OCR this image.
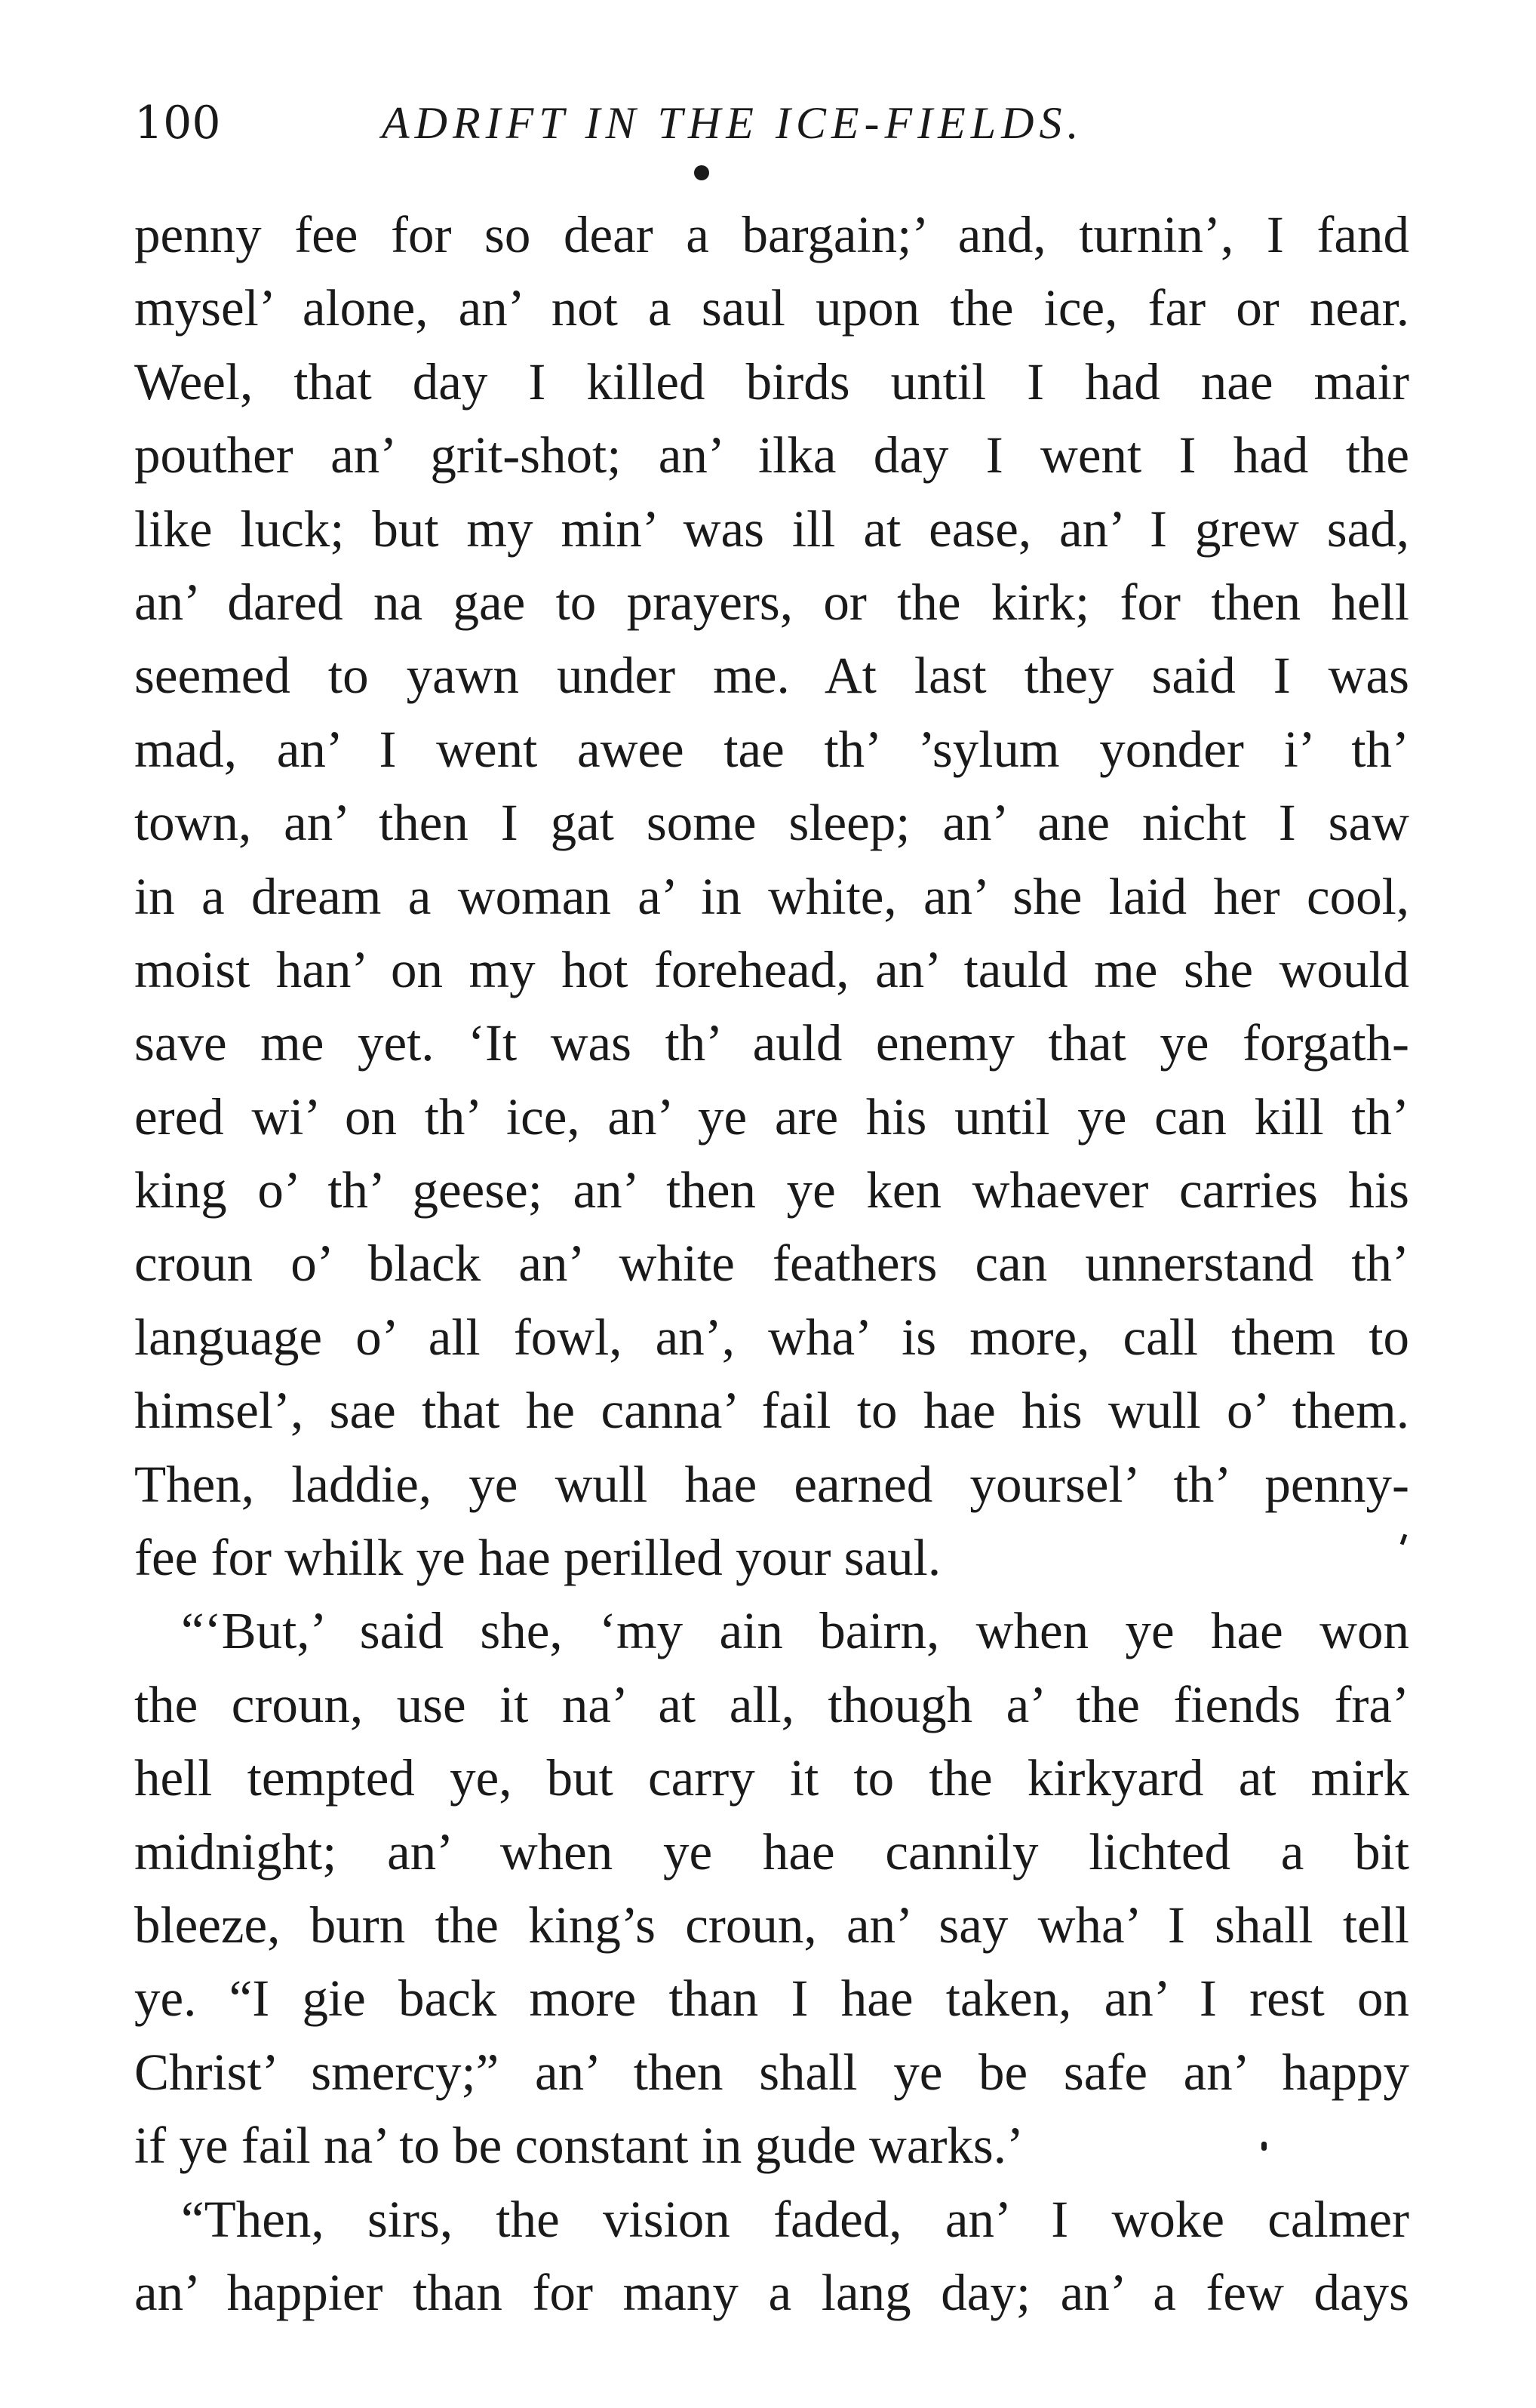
100	ADRIFT IN THE ICE-FIELDS.
penny fee for so dear a bargain;’ and, turnin’, I fand
mysel’ alone, an’ not a saul upon the ice, far or near.
Weel, that day I killed birds until I had nae mair
pouther an’ grit-shot; an’ ilka day I went I had the
like luck; but my min’ was ill at ease, an’ I grew sad,
an’ dared na gae to prayers, or the kirk; for then hell
seemed to yawn under me. At last they said I was
mad, an’ I went awee tae th’ ’sylum yonder i’ th’
town, an’ then I gat some sleep; an’ ane nicht I saw
in a dream a woman a’ in white, an’ she laid her cool,
moist han’ on my hot forehead, an’ tauld me she would
save me yet. ‘It was th’ auld enemy that ye forgath-
ered wi’ on th’ ice, an’ ye are his until ye can kill th’
king o’ th’ geese; an’ then ye ken whaever carries his
croun o’ black an’ white feathers can unnerstand th’
language o’ all fowl, an’, wha’ is more, call them to
himsel’, sae that he canna’ fail to hae his wull o’ them.
Then, laddie, ye wull hae earned yoursel’ th’ penny-
fee for whilk ye hae perilled your saul.
“‘But,’ said she, ‘my ain bairn, when ye hae won
the croun, use it na’ at all, though a’ the fiends fra’
hell tempted ye, but carry it to the kirkyard at mirk
midnight; an’ when ye hae cannily lichted a bit
bleeze, burn the king’s croun, an’ say wha’ I shall tell
ye. “I gie back more than I hae taken, an’ I rest on
Christ’ smercy;” an’ then shall ye be safe an’ happy
if ye fail na’ to be constant in gude warks.’
“Then, sirs, the vision faded, an’ I woke calmer
an’ happier than for many a lang day; an’ a few days
